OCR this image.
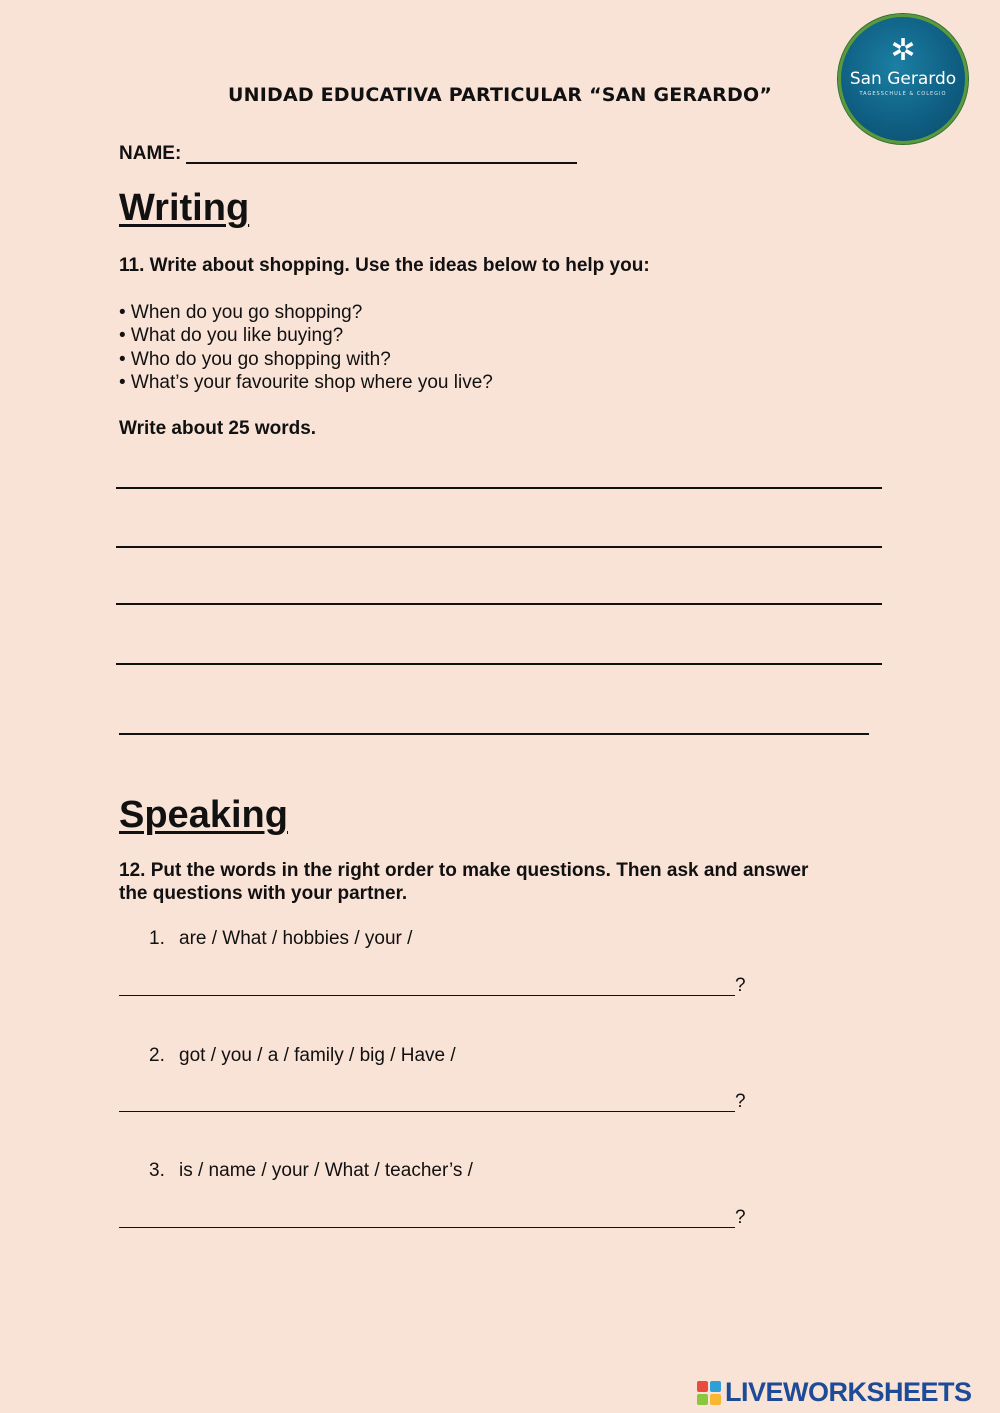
UNIDAD EDUCATIVA PARTICULAR “SAN GERARDO”
✲
San Gerardo
TAGESSCHULE & COLEGIO
NAME:
Writing
11. Write about shopping. Use the ideas below to help you:
• When do you go shopping?
• What do you like buying?
• Who do you go shopping with?
• What’s your favourite shop where you live?
Write about 25 words.
Speaking
12. Put the words in the right order to make questions. Then ask and answer
the questions with your partner.
1. are / What / hobbies / your /
?
2. got / you / a / family / big / Have /
?
3. is / name / your / What / teacher’s /
?
LIVEWORKSHEETS
